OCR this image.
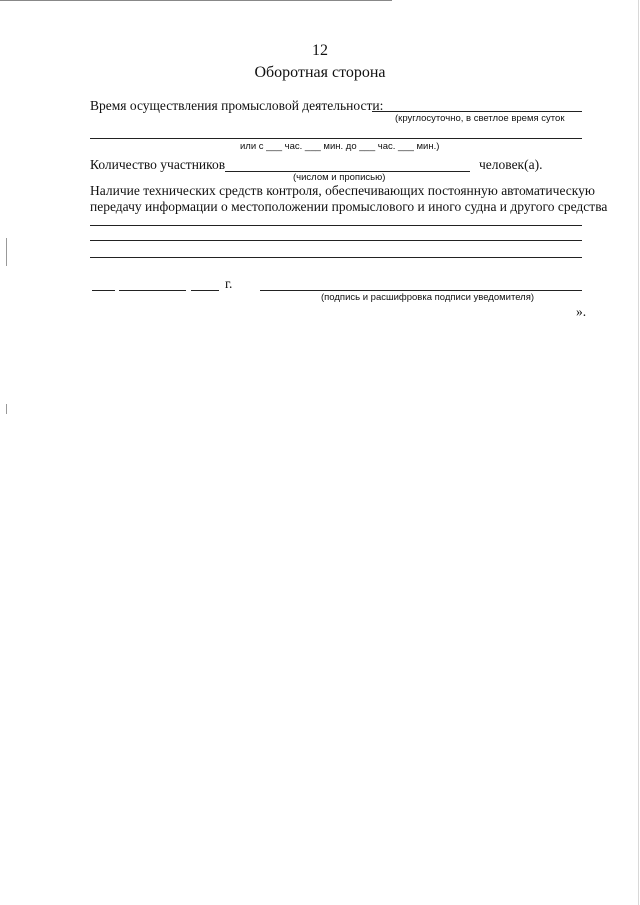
12
Оборотная сторона
Время осуществления промысловой деятельности:
(круглосуточно, в светлое время суток
или с ___ час. ___ мин. до ___ час. ___ мин.)
Количество участников	человек(а).
(числом и прописью)
Наличие технических средств контроля, обеспечивающих постоянную автоматическую
передачу информации о местоположении промыслового и иного судна и другого средства
г.
(подпись и расшифровка подписи уведомителя)
».
